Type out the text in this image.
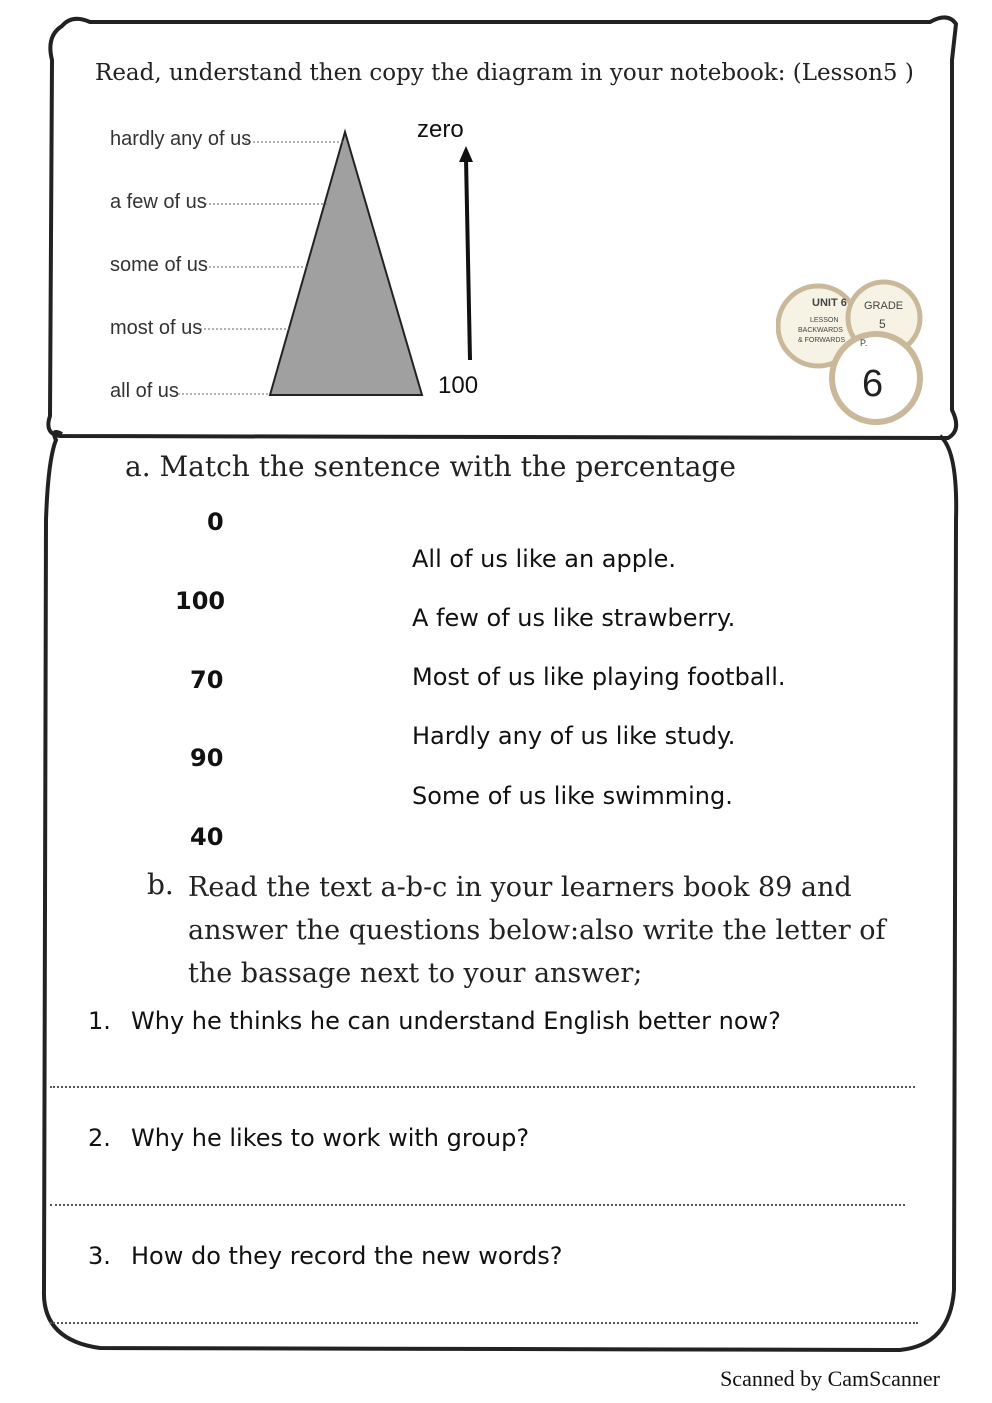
Read, understand then copy the diagram in your notebook: (Lesson5 )

hardly any of us
a few of us
some of us
most of us
all of us
zero
100
UNIT 6
LESSON
BACKWARDS
& FORWARDS
GRADE
5
P.
6

a. Match the sentence with the percentage

0
100
70
90
40
All of us like an apple.
A few of us like strawberry.
Most of us like playing football.
Hardly any of us like study.
Some of us like swimming.
b. Read the text a-b-c in your learners book 89 and answer the questions below:also write the letter of the bassage next to your answer;

1. Why he thinks he can understand English better now?
2. Why he likes to work with group?
3. How do they record the new words?
Scanned by CamScanner
